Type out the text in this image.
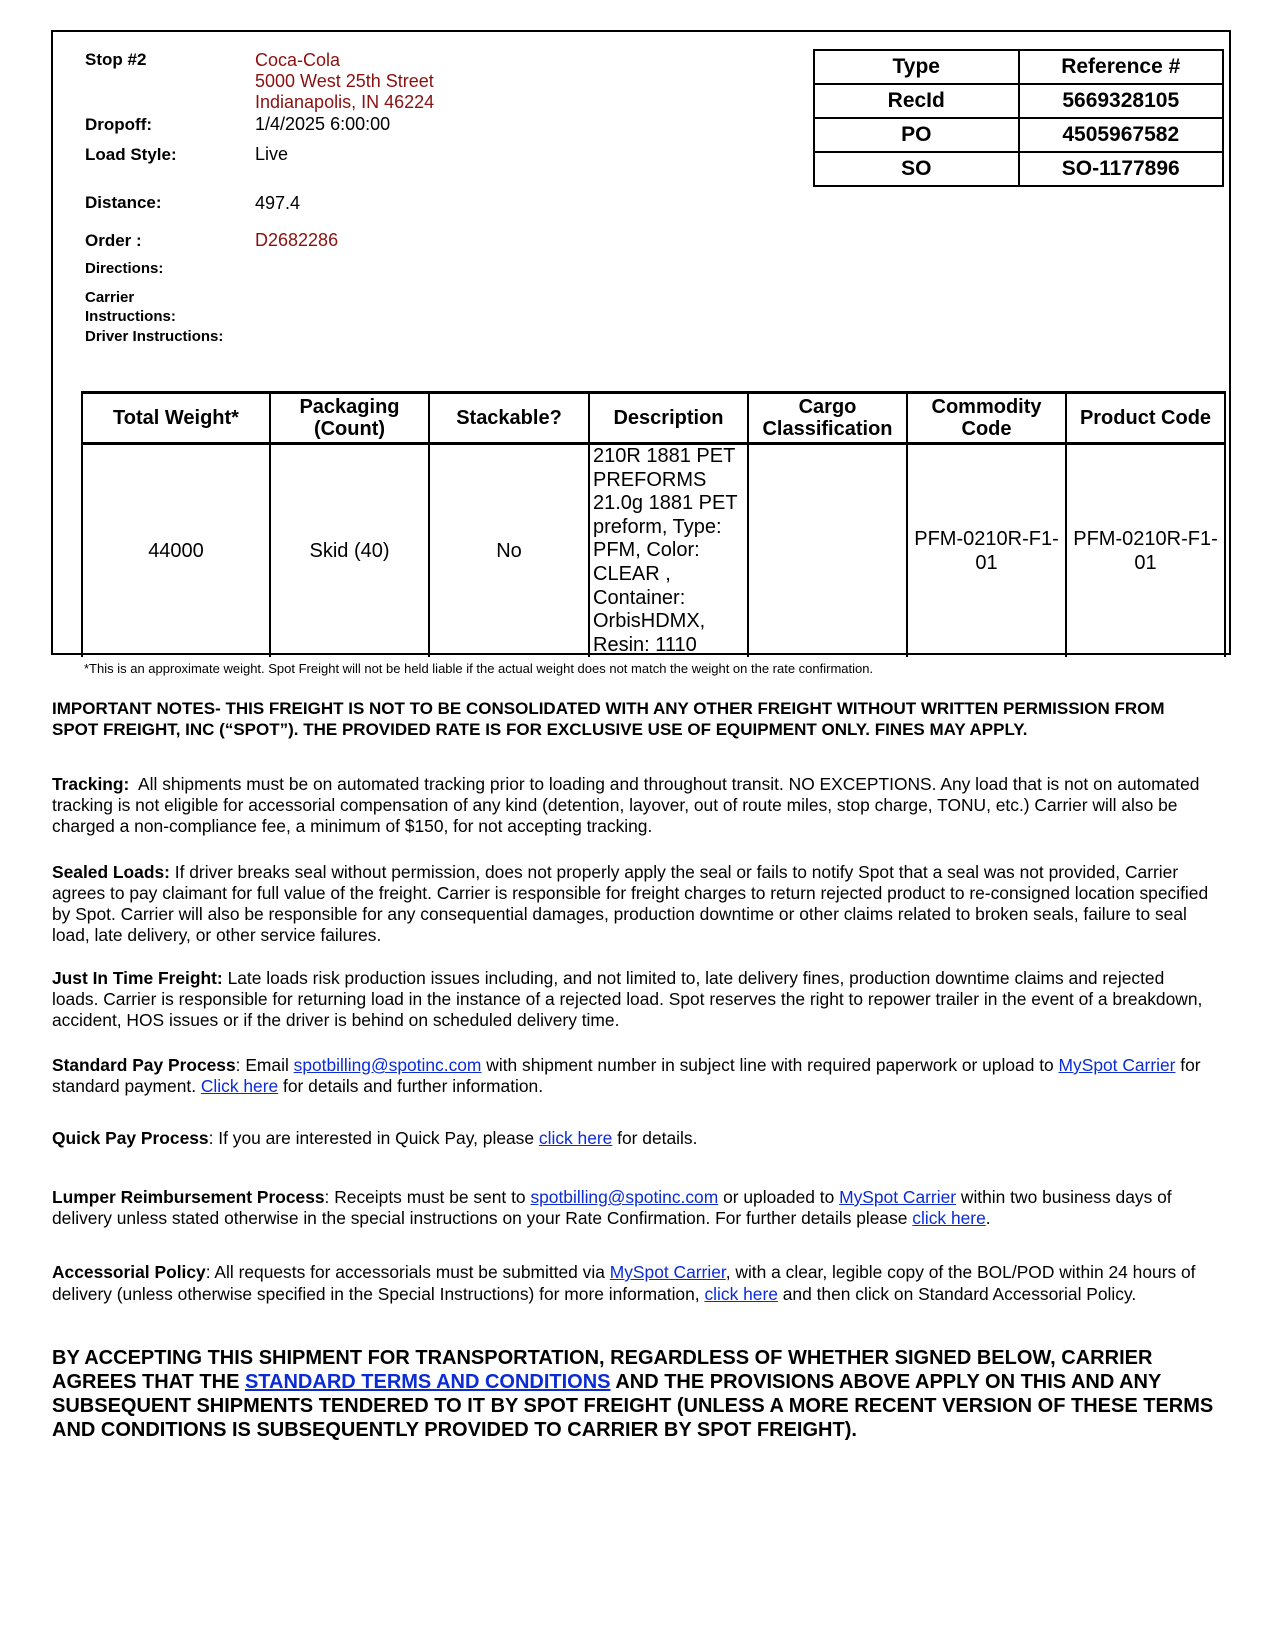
Stop #2	Coca-Cola
5000 West 25th Street
Indianapolis, IN 46224
Dropoff:	1/4/2025 6:00:00
Load Style:	Live
Distance:	497.4
Order :	D2682286
Directions:
Carrier
Instructions:
Driver Instructions:
Type	Reference #
RecId	5669328105
PO	4505967582
SO	SO-1177896
Total Weight*	Packaging (Count)	Stackable?	Description	Cargo Classification	Commodity Code	Product Code
44000	Skid (40)	No	210R 1881 PET PREFORMS 21.0g 1881 PET preform, Type: PFM, Color: CLEAR , Container: OrbisHDMX, Resin: 1110		PFM-0210R-F1-01	PFM-0210R-F1-01
*This is an approximate weight. Spot Freight will not be held liable if the actual weight does not match the weight on the rate confirmation.
IMPORTANT NOTES- THIS FREIGHT IS NOT TO BE CONSOLIDATED WITH ANY OTHER FREIGHT WITHOUT WRITTEN PERMISSION FROM SPOT FREIGHT, INC (“SPOT”). THE PROVIDED RATE IS FOR EXCLUSIVE USE OF EQUIPMENT ONLY. FINES MAY APPLY.
Tracking: All shipments must be on automated tracking prior to loading and throughout transit. NO EXCEPTIONS. Any load that is not on automated tracking is not eligible for accessorial compensation of any kind (detention, layover, out of route miles, stop charge, TONU, etc.) Carrier will also be charged a non-compliance fee, a minimum of $150, for not accepting tracking.
Sealed Loads: If driver breaks seal without permission, does not properly apply the seal or fails to notify Spot that a seal was not provided, Carrier agrees to pay claimant for full value of the freight. Carrier is responsible for freight charges to return rejected product to re-consigned location specified by Spot. Carrier will also be responsible for any consequential damages, production downtime or other claims related to broken seals, failure to seal load, late delivery, or other service failures.
Just In Time Freight: Late loads risk production issues including, and not limited to, late delivery fines, production downtime claims and rejected loads. Carrier is responsible for returning load in the instance of a rejected load. Spot reserves the right to repower trailer in the event of a breakdown, accident, HOS issues or if the driver is behind on scheduled delivery time.
Standard Pay Process: Email spotbilling@spotinc.com with shipment number in subject line with required paperwork or upload to MySpot Carrier for standard payment. Click here for details and further information.
Quick Pay Process: If you are interested in Quick Pay, please click here for details.
Lumper Reimbursement Process: Receipts must be sent to spotbilling@spotinc.com or uploaded to MySpot Carrier within two business days of delivery unless stated otherwise in the special instructions on your Rate Confirmation. For further details please click here.
Accessorial Policy: All requests for accessorials must be submitted via MySpot Carrier, with a clear, legible copy of the BOL/POD within 24 hours of delivery (unless otherwise specified in the Special Instructions) for more information, click here and then click on Standard Accessorial Policy.
BY ACCEPTING THIS SHIPMENT FOR TRANSPORTATION, REGARDLESS OF WHETHER SIGNED BELOW, CARRIER AGREES THAT THE STANDARD TERMS AND CONDITIONS AND THE PROVISIONS ABOVE APPLY ON THIS AND ANY SUBSEQUENT SHIPMENTS TENDERED TO IT BY SPOT FREIGHT (UNLESS A MORE RECENT VERSION OF THESE TERMS AND CONDITIONS IS SUBSEQUENTLY PROVIDED TO CARRIER BY SPOT FREIGHT).
